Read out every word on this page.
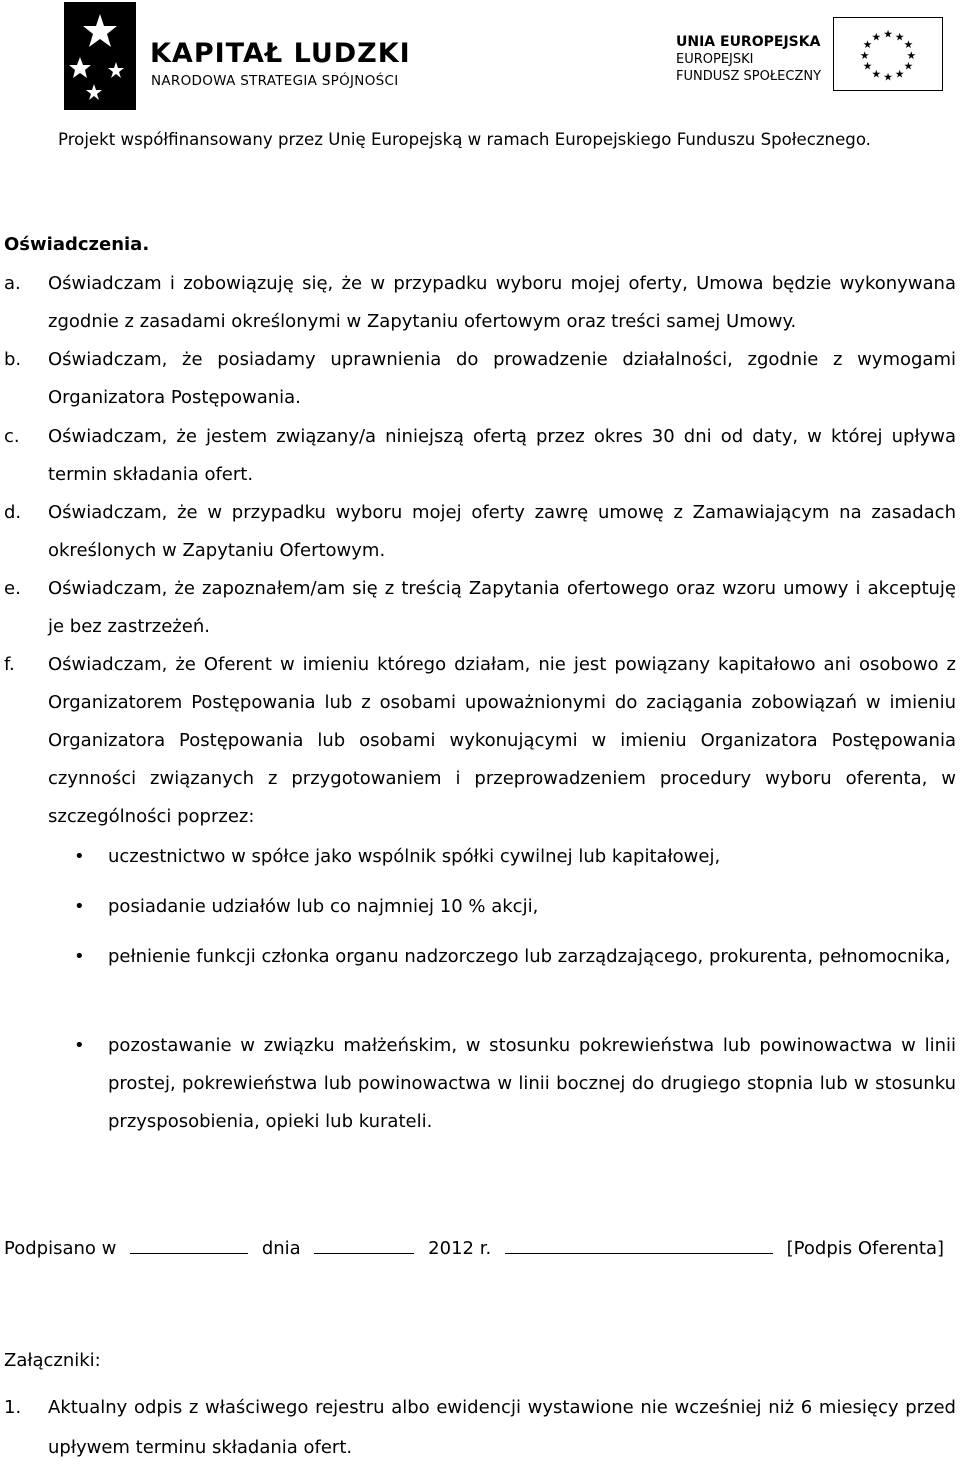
KAPITAŁ LUDZKI
NARODOWA STRATEGIA SPÓJNOŚCI
UNIA EUROPEJSKA
EUROPEJSKI
FUNDUSZ SPOŁECZNY
★ ★
★
★
★
★
★
★
★
★
★
★
Projekt współfinansowany przez Unię Europejską w ramach Europejskiego Funduszu Społecznego.
Oświadczenia.
a. Oświadczam i zobowiązuję się, że w przypadku wyboru mojej oferty, Umowa będzie wykonywana zgodnie z zasadami określonymi w Zapytaniu ofertowym oraz treści samej Umowy.
b. Oświadczam, że posiadamy uprawnienia do prowadzenie działalności, zgodnie z wymogami Organizatora Postępowania.
c. Oświadczam, że jestem związany/a niniejszą ofertą przez okres 30 dni od daty, w której upływa termin składania ofert.
d. Oświadczam, że w przypadku wyboru mojej oferty zawrę umowę z Zamawiającym na zasadach określonych w Zapytaniu Ofertowym.
e. Oświadczam, że zapoznałem/am się z treścią Zapytania ofertowego oraz wzoru umowy i akceptuję je bez zastrzeżeń.
f. Oświadczam, że Oferent w imieniu którego działam, nie jest powiązany kapitałowo ani osobowo z Organizatorem Postępowania lub z osobami upoważnionymi do zaciągania zobowiązań w imieniu Organizatora Postępowania lub osobami wykonującymi w imieniu Organizatora Postępowania czynności związanych z przygotowaniem i przeprowadzeniem procedury wyboru oferenta, w szczególności poprzez:
• uczestnictwo w spółce jako wspólnik spółki cywilnej lub kapitałowej,
• posiadanie udziałów lub co najmniej 10 % akcji,
• pełnienie funkcji członka organu nadzorczego lub zarządzającego, prokurenta, pełnomocnika,
• pozostawanie w związku małżeńskim, w stosunku pokrewieństwa lub powinowactwa w linii prostej, pokrewieństwa lub powinowactwa w linii bocznej do drugiego stopnia lub w stosunku przysposobienia, opieki lub kurateli.
Podpisano w	dnia	2012 r.	[Podpis Oferenta]
Załączniki:
1. Aktualny odpis z właściwego rejestru albo ewidencji wystawione nie wcześniej niż 6 miesięcy przed upływem terminu składania ofert.
